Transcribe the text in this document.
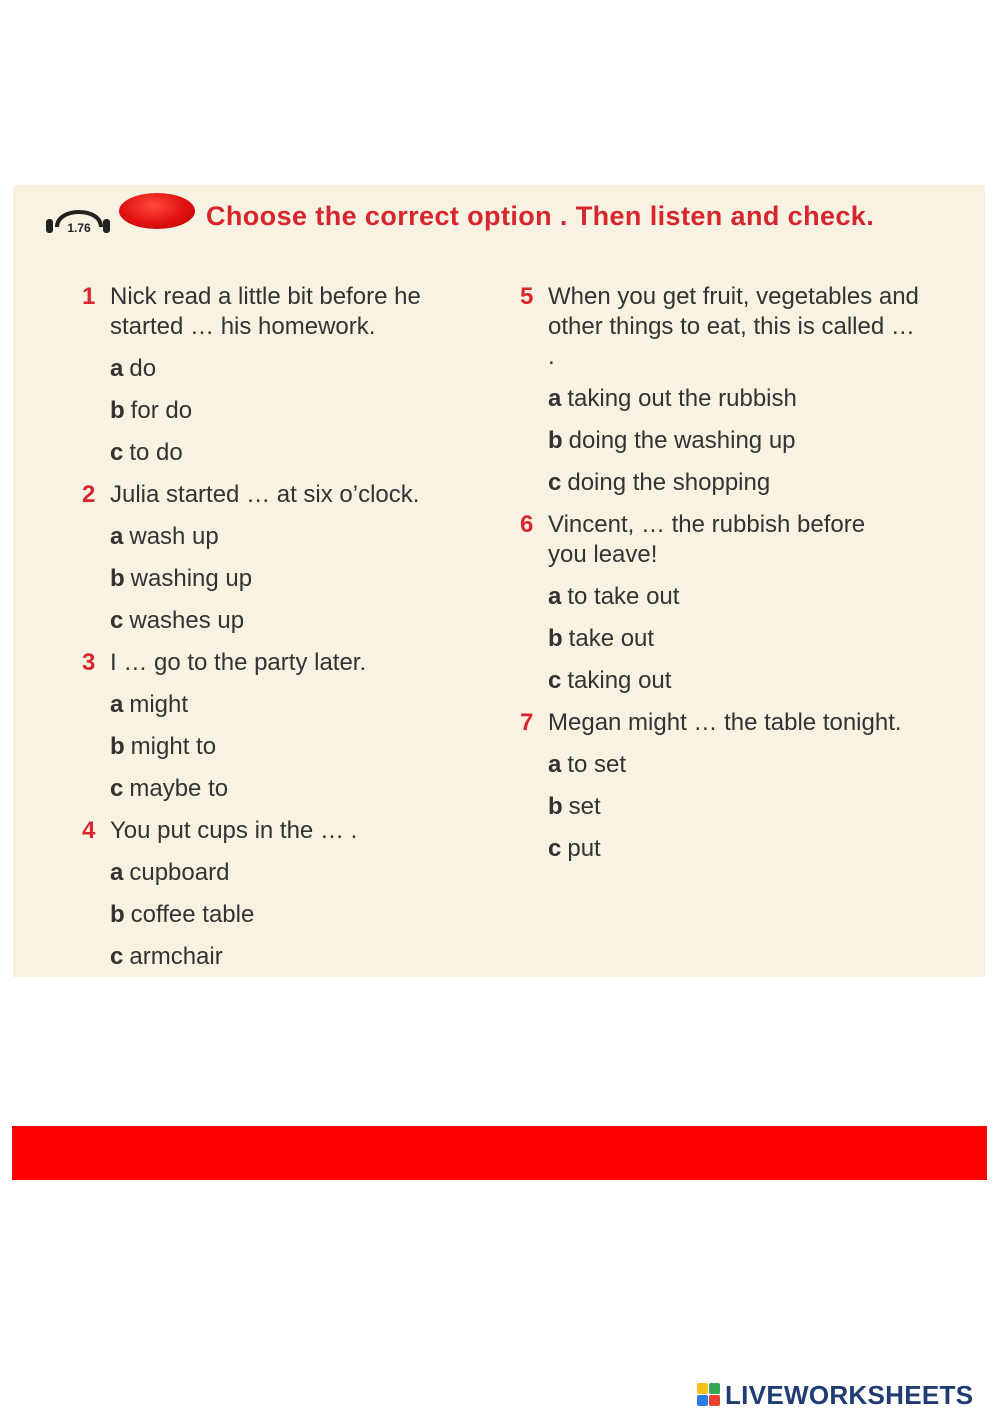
1.76	Choose the correct option . Then listen and check.
1 Nick read a little bit before he started … his homework.
a do
b for do
c to do
2 Julia started … at six o’clock.
a wash up
b washing up
c washes up
3 I … go to the party later.
a might
b might to
c maybe to
4 You put cups in the … .
a cupboard
b coffee table
c armchair
5 When you get fruit, vegetables and other things to eat, this is called … .
a taking out the rubbish
b doing the washing up
c doing the shopping
6 Vincent, … the rubbish before you leave!
a to take out
b take out
c taking out
7 Megan might … the table tonight.
a to set
b set
c put
LIVEWORKSHEETS
